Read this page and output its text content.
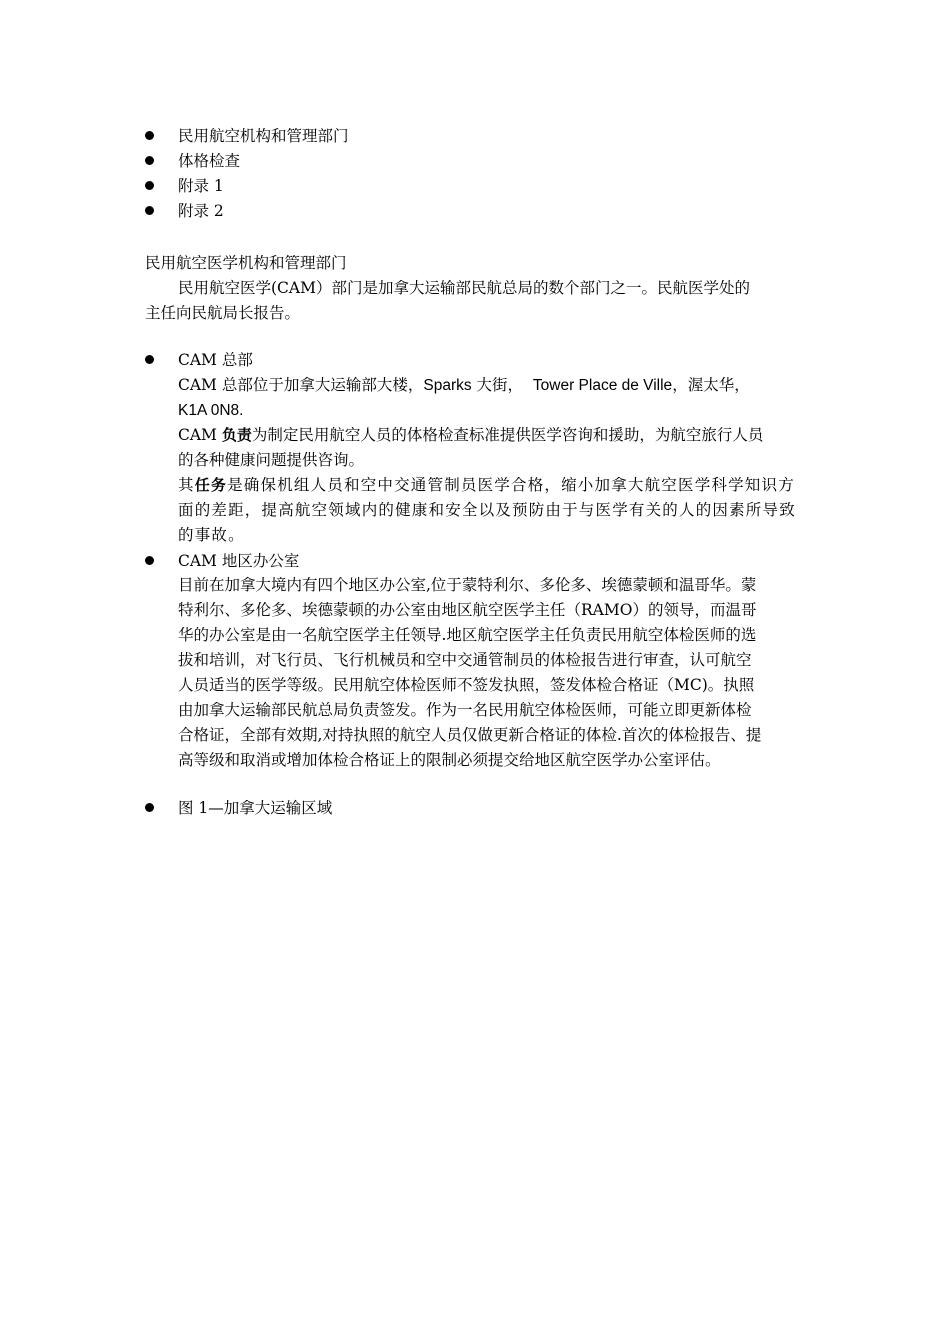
民用航空机构和管理部门
体格检查
附录 1
附录 2
民用航空医学机构和管理部门
民用航空医学(CAM）部门是加拿大运输部民航总局的数个部门之一。民航医学处的
主任向民航局长报告。
CAM 总部
CAM 总部位于加拿大运输部大楼，Sparks 大街，  Tower Place de Ville，渥太华，
K1A 0N8.
CAM 负责为制定民用航空人员的体格检查标准提供医学咨询和援助，为航空旅行人员
的各种健康问题提供咨询。
其任务是确保机组人员和空中交通管制员医学合格，缩小加拿大航空医学科学知识方
面的差距，提高航空领域内的健康和安全以及预防由于与医学有关的人的因素所导致
的事故。
CAM 地区办公室
目前在加拿大境内有四个地区办公室,位于蒙特利尔、多伦多、埃德蒙顿和温哥华。蒙
特利尔、多伦多、埃德蒙顿的办公室由地区航空医学主任（RAMO）的领导，而温哥
华的办公室是由一名航空医学主任领导.地区航空医学主任负责民用航空体检医师的选
拔和培训，对飞行员、飞行机械员和空中交通管制员的体检报告进行审查，认可航空
人员适当的医学等级。民用航空体检医师不签发执照，签发体检合格证（MC)。执照
由加拿大运输部民航总局负责签发。作为一名民用航空体检医师，可能立即更新体检
合格证，全部有效期,对持执照的航空人员仅做更新合格证的体检.首次的体检报告、提
高等级和取消或增加体检合格证上的限制必须提交给地区航空医学办公室评估。
图 1—加拿大运输区域
